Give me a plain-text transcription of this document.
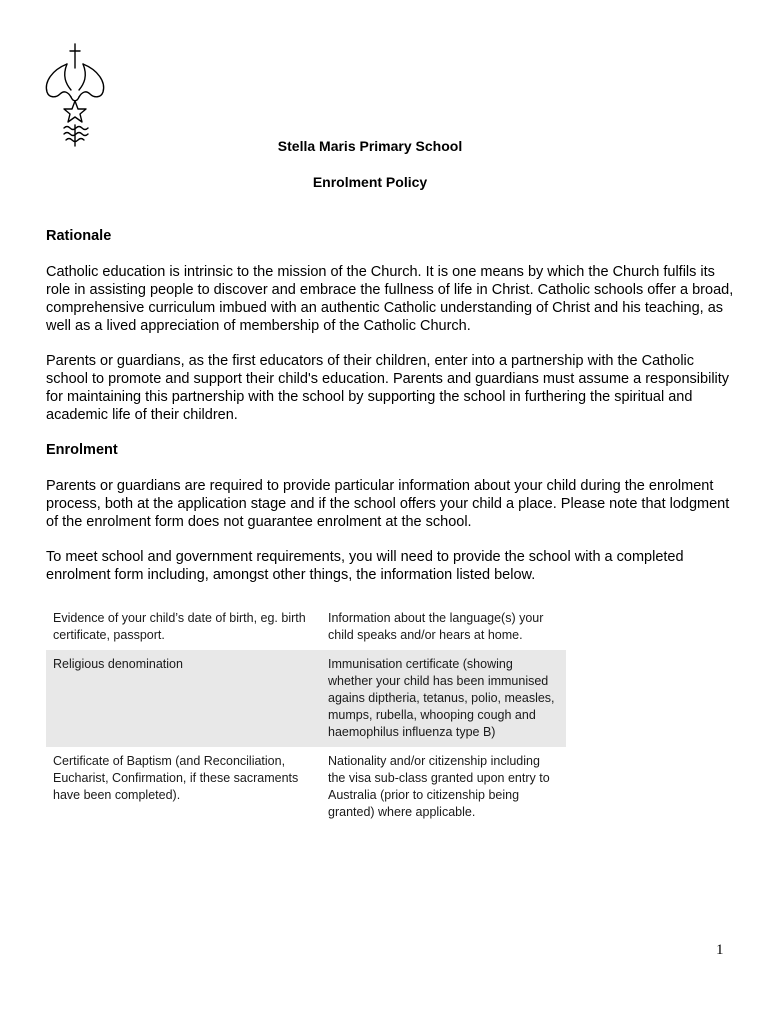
Stella Maris Primary School
Enrolment Policy
Rationale

Catholic education is intrinsic to the mission of the Church. It is one means by which the Church fulfils its role in assisting people to discover and embrace the fullness of life in Christ. Catholic schools offer a broad, comprehensive curriculum imbued with an authentic Catholic understanding of Christ and his teaching, as well as a lived appreciation of membership of the Catholic Church.

Parents or guardians, as the first educators of their children, enter into a partnership with the Catholic school to promote and support their child's education. Parents and guardians must assume a responsibility for maintaining this partnership with the school by supporting the school in furthering the spiritual and academic life of their children.

Enrolment

Parents or guardians are required to provide particular information about your child during the enrolment process, both at the application stage and if the school offers your child a place. Please note that lodgment of the enrolment form does not guarantee enrolment at the school.

To meet school and government requirements, you will need to provide the school with a completed enrolment form including, amongst other things, the information listed below.

Evidence of your child’s date of birth, eg. birth certificate, passport.	Information about the language(s) your child speaks and/or hears at home.
Religious denomination	Immunisation certificate (showing whether your child has been immunised agains diptheria, tetanus, polio, measles, mumps, rubella, whooping cough and haemophilus influenza type B)
Certificate of Baptism (and Reconciliation, Eucharist, Confirmation, if these sacraments have been completed).	Nationality and/or citizenship including the visa sub-class granted upon entry to Australia (prior to citizenship being granted) where applicable.
1
